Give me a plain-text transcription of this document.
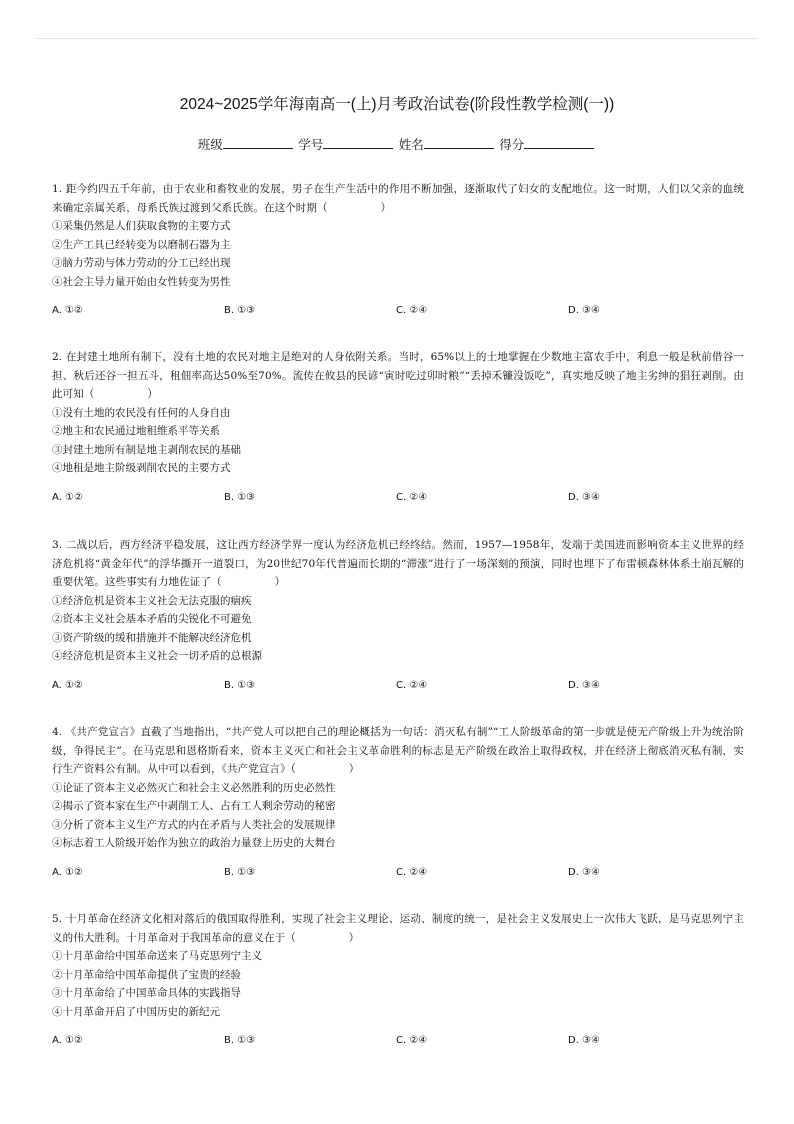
2024~2025学年海南高一(上)月考政治试卷(阶段性教学检测(一))
班级	学号	姓名	得分

1. 距今约四五千年前，由于农业和畜牧业的发展，男子在生产生活中的作用不断加强，逐渐取代了妇女的支配地位。这一时期，人们以父亲的血统来确定亲属关系，母系氏族过渡到父系氏族。在这个时期（　　　　　）

①采集仍然是人们获取食物的主要方式

②生产工具已经转变为以磨制石器为主

③脑力劳动与体力劳动的分工已经出现

④社会主导力量开始由女性转变为男性

A. ①②	B. ①③	C. ②④	D. ③④

2. 在封建土地所有制下，没有土地的农民对地主是绝对的人身依附关系。当时，65%以上的土地掌握在少数地主富农手中，利息一般是秋前借谷一担、秋后还谷一担五斗，租佃率高达50%至70%。流传在攸县的民谚“寅时吃过卯时粮”“丢掉禾镰没饭吃”，真实地反映了地主劣绅的猖狂剥削。由此可知（　　　　　）

①没有土地的农民没有任何的人身自由

②地主和农民通过地租维系平等关系

③封建土地所有制是地主剥削农民的基础

④地租是地主阶级剥削农民的主要方式

A. ①②	B. ①③	C. ②④	D. ③④

3. 二战以后，西方经济平稳发展，这让西方经济学界一度认为经济危机已经终结。然而，1957—1958年，发端于美国进而影响资本主义世界的经济危机将“黄金年代”的浮华撕开一道裂口，为20世纪70年代普遍而长期的“滞涨”进行了一场深刻的预演，同时也埋下了布雷顿森林体系土崩瓦解的重要伏笔。这些事实有力地佐证了（　　　　　）

①经济危机是资本主义社会无法克服的痼疾

②资本主义社会基本矛盾的尖锐化不可避免

③资产阶级的缓和措施并不能解决经济危机

④经济危机是资本主义社会一切矛盾的总根源

A. ①②	B. ①③	C. ②④	D. ③④

4. 《共产党宣言》直截了当地指出，“共产党人可以把自己的理论概括为一句话：消灭私有制”“工人阶级革命的第一步就是使无产阶级上升为统治阶级，争得民主”。在马克思和恩格斯看来，资本主义灭亡和社会主义革命胜利的标志是无产阶级在政治上取得政权，并在经济上彻底消灭私有制，实行生产资料公有制。从中可以看到，《共产党宣言》（　　　　　）

①论证了资本主义必然灭亡和社会主义必然胜利的历史必然性

②揭示了资本家在生产中剥削工人、占有工人剩余劳动的秘密

③分析了资本主义生产方式的内在矛盾与人类社会的发展规律

④标志着工人阶级开始作为独立的政治力量登上历史的大舞台

A. ①②	B. ①③	C. ②④	D. ③④

5. 十月革命在经济文化相对落后的俄国取得胜利，实现了社会主义理论、运动、制度的统一，是社会主义发展史上一次伟大飞跃，是马克思列宁主义的伟大胜利。十月革命对于我国革命的意义在于（　　　　　）

①十月革命给中国革命送来了马克思列宁主义

②十月革命给中国革命提供了宝贵的经验

③十月革命给了中国革命具体的实践指导

④十月革命开启了中国历史的新纪元

A. ①②	B. ①③	C. ②④	D. ③④
